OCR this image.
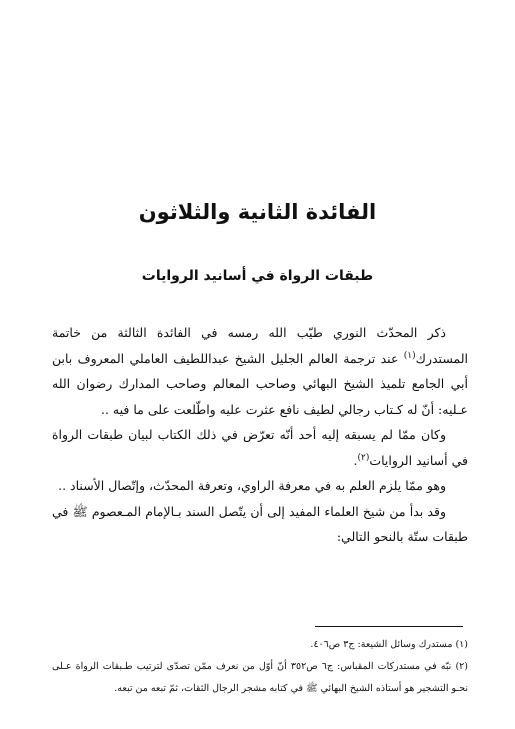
الفائدة الثانية والثلاثون
طبقات الرواة في أسانيد الروايات

ذكر المحدّث النوري طيّب الله رمسه في الفائدة الثالثة من خاتمة المستدرك$^{(١)}$ عند ترجمة العالم الجليل الشيخ عبداللطيف العاملي المعروف بابن أبي الجامع تلميذ الشيخ البهائي وصاحب المعالم وصاحب المدارك رضوان الله عـليه: أنّ له كـتاب رجالي لطيف نافع عثرت عليه واطّلعت على ما فيه ..

وكان ممّا لم يسبقه إليه أحد أنّه تعرّض في ذلك الكتاب لبيان طبقات الرواة في أسانيد الروايات$^{(٢)}$.

وهو ممّا يلزم العلم به في معرفة الراوي، وتعرفة المحدّث، وإتّصال الأسناد ..

وقد بدأ من شيخ العلماء المفيد إلى أن يتّصل السند بـالإمام المـعصوم ﷺ في طبقات ستّة بالنحو التالي:

(١) مستدرك وسائل الشيعة: ج٣ ص٤٠٦.

(٢) نبّه في مستدركات المقباس: ج٦ ص٣٥٢ أنّ أوّل من نعرف ممّن تصدّى لترتيب طـبقات الرواة عـلى نحـو التشجير هو أستاذه الشيخ البهائي ﷺ في كتابه مشجر الرجال الثقات، ثمّ تبعه من تبعه.
